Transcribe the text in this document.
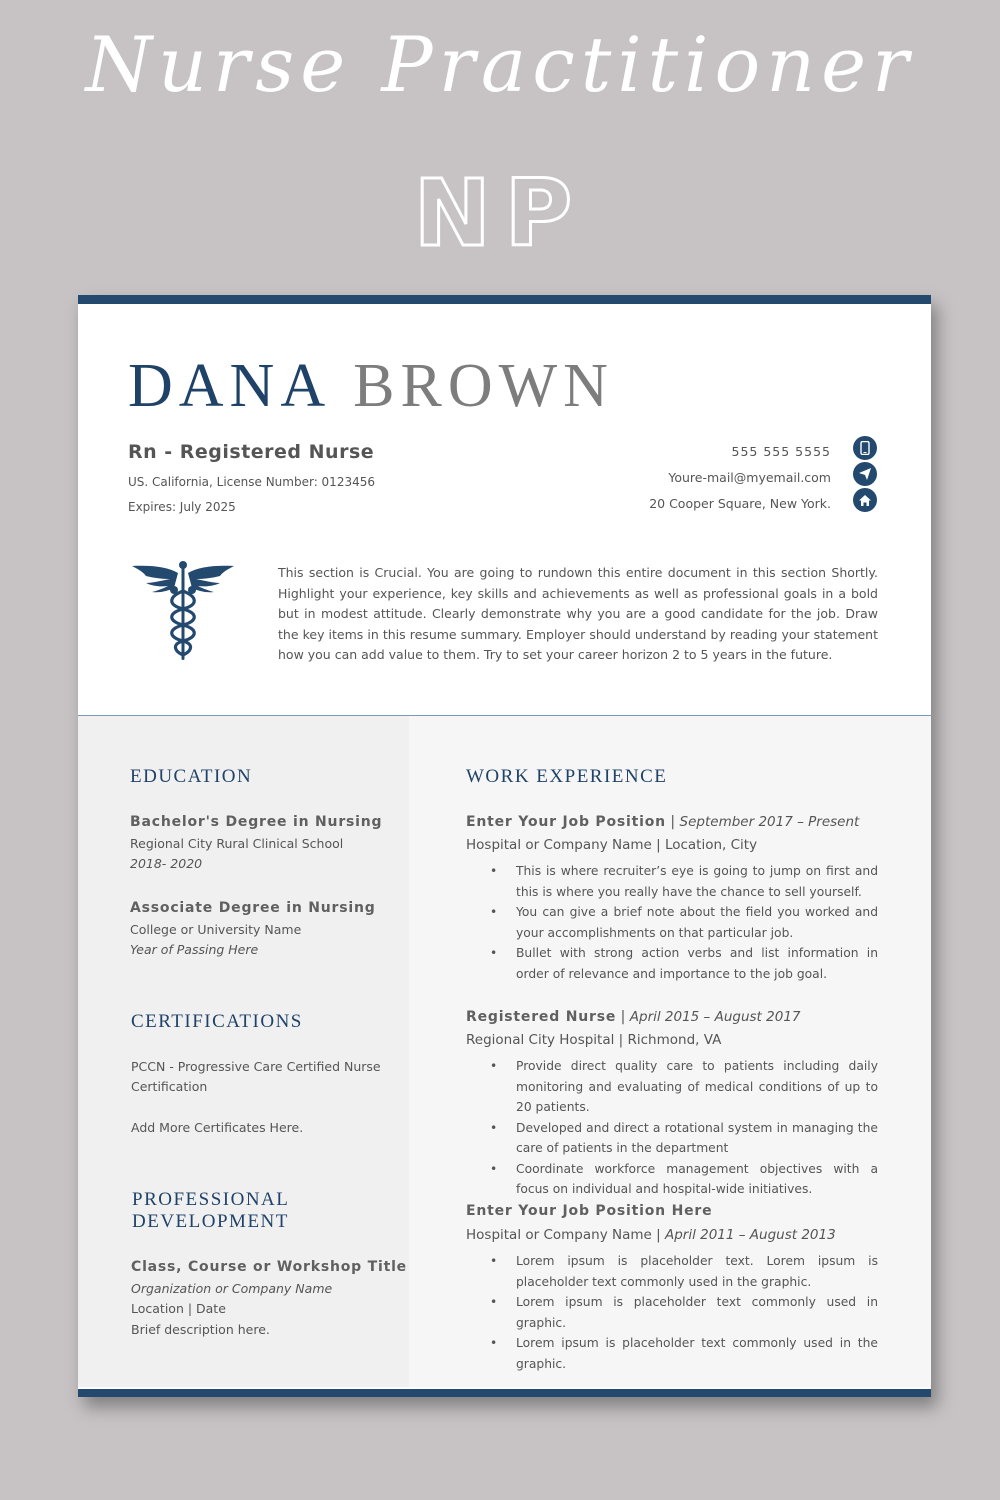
Nurse Practitioner
NP
DANA BROWN
Rn - Registered Nurse
US. California, License Number: 0123456
Expires: July 2025
555 555 5555
Youre-mail@myemail.com
20 Cooper Square, New York.
This section is Crucial. You are going to rundown this entire document in this section Shortly. Highlight your experience, key skills and achievements as well as professional goals in a bold but in modest attitude. Clearly demonstrate why you are a good candidate for the job. Draw the key items in this resume summary. Employer should understand by reading your statement how you can add value to them. Try to set your career horizon 2 to 5 years in the future.
EDUCATION
Bachelor's Degree in Nursing
Regional City Rural Clinical School
2018- 2020
Associate Degree in Nursing
College or University Name
Year of Passing Here
CERTIFICATIONS
PCCN - Progressive Care Certified Nurse
Certification
Add More Certificates Here.
PROFESSIONAL
DEVELOPMENT
Class, Course or Workshop Title
Organization or Company Name
Location | Date
Brief description here.
WORK EXPERIENCE
Enter Your Job Position | September 2017 – Present
Hospital or Company Name | Location, City
• This is where recruiter’s eye is going to jump on first and this is where you really have the chance to sell yourself.
• You can give a brief note about the field you worked and your accomplishments on that particular job.
• Bullet with strong action verbs and list information in order of relevance and importance to the job goal.
Registered Nurse | April 2015 – August 2017
Regional City Hospital | Richmond, VA
• Provide direct quality care to patients including daily monitoring and evaluating of medical conditions of up to 20 patients.
• Developed and direct a rotational system in managing the care of patients in the department
• Coordinate workforce management objectives with a focus on individual and hospital-wide initiatives.
Enter Your Job Position Here
Hospital or Company Name | April 2011 – August 2013
• Lorem ipsum is placeholder text. Lorem ipsum is placeholder text commonly used in the graphic.
• Lorem ipsum is placeholder text commonly used in graphic.
• Lorem ipsum is placeholder text commonly used in the graphic.
